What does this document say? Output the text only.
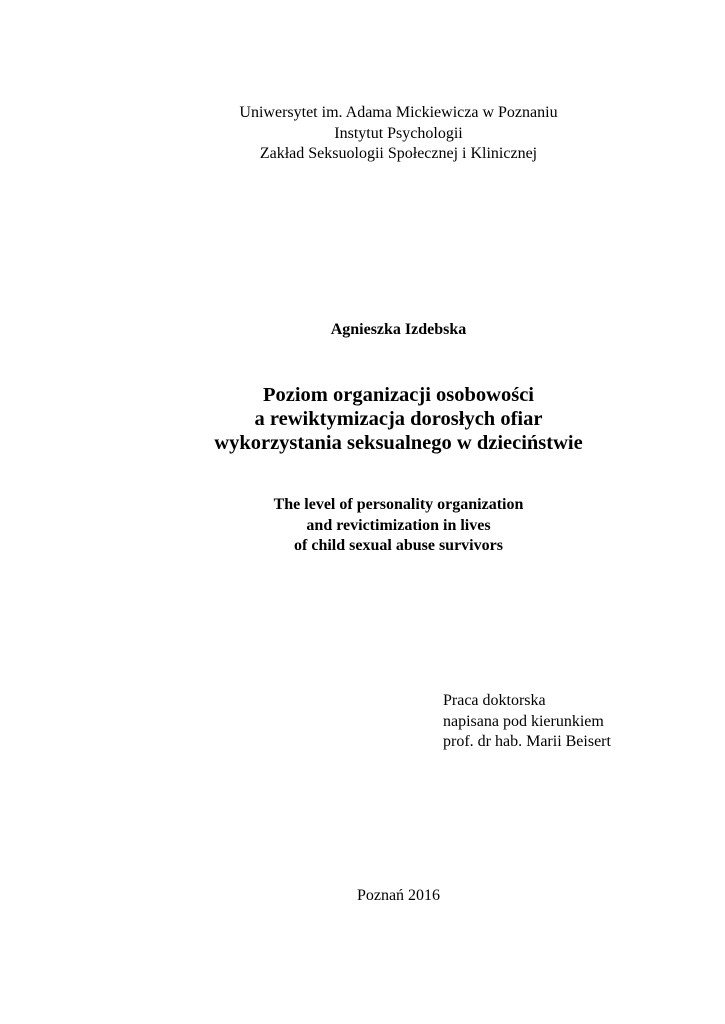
Uniwersytet im. Adama Mickiewicza w Poznaniu
Instytut Psychologii
Zakład Seksuologii Społecznej i Klinicznej
Agnieszka Izdebska
Poziom organizacji osobowości
a rewiktymizacja dorosłych ofiar
wykorzystania seksualnego w dzieciństwie
The level of personality organization
and revictimization in lives
of child sexual abuse survivors
Praca doktorska
napisana pod kierunkiem
prof. dr hab. Marii Beisert
Poznań 2016
